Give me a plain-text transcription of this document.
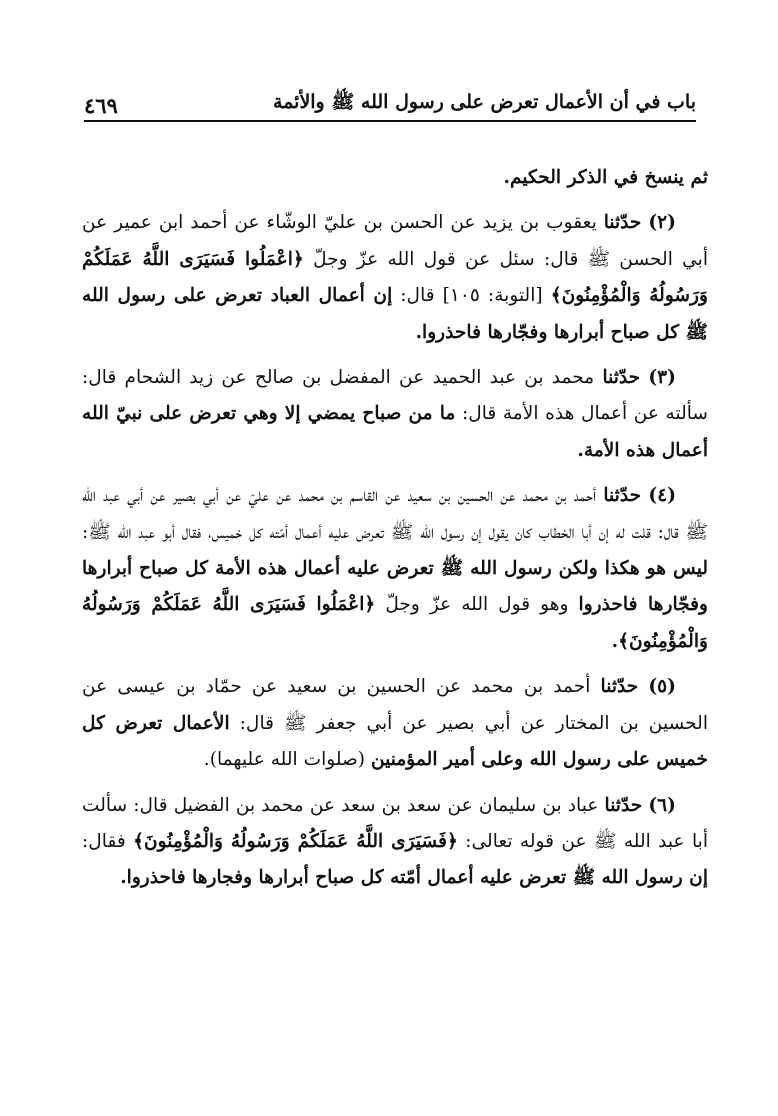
باب في أن الأعمال تعرض على رسول الله ﷺ والأئمة
٤٦٩

ثم ينسخ في الذكر الحكيم.

(٢) حدّثنا يعقوب بن يزيد عن الحسن بن عليّ الوشّاء عن أحمد ابن عمير عن أبي الحسن ﷺ قال: سئل عن قول الله عزّ وجلّ ﴿اعْمَلُوا فَسَيَرَى اللَّهُ عَمَلَكُمْ وَرَسُولُهُ وَالْمُؤْمِنُونَ﴾ [التوبة: ١٠٥] قال: إن أعمال العباد تعرض على رسول الله ﷺ كل صباح أبرارها وفجّارها فاحذروا.

(٣) حدّثنا محمد بن عبد الحميد عن المفضل بن صالح عن زيد الشحام قال: سألته عن أعمال هذه الأمة قال: ما من صباح يمضي إلا وهي تعرض على نبيّ الله أعمال هذه الأمة.

(٤) حدّثنا أحمد بن محمد عن الحسين بن سعيد عن القاسم بن محمد عن عليّ عن أبي بصير عن أبي عبد الله ﷺ قال: قلت له إن أبا الخطاب كان يقول إن رسول الله ﷺ تعرض عليه أعمال أمّته كل خميس، فقال أبو عبد الله ﷺ: ليس هو هكذا ولكن رسول الله ﷺ تعرض عليه أعمال هذه الأمة كل صباح أبرارها وفجّارها فاحذروا وهو قول الله عزّ وجلّ ﴿اعْمَلُوا فَسَيَرَى اللَّهُ عَمَلَكُمْ وَرَسُولُهُ وَالْمُؤْمِنُونَ﴾.

(٥) حدّثنا أحمد بن محمد عن الحسين بن سعيد عن حمّاد بن عيسى عن الحسين بن المختار عن أبي بصير عن أبي جعفر ﷺ قال: الأعمال تعرض كل خميس على رسول الله وعلى أمير المؤمنين (صلوات الله عليهما).

(٦) حدّثنا عباد بن سليمان عن سعد بن سعد عن محمد بن الفضيل قال: سألت أبا عبد الله ﷺ عن قوله تعالى: ﴿فَسَيَرَى اللَّهُ عَمَلَكُمْ وَرَسُولُهُ وَالْمُؤْمِنُونَ﴾ فقال: إن رسول الله ﷺ تعرض عليه أعمال أمّته كل صباح أبرارها وفجارها فاحذروا.
